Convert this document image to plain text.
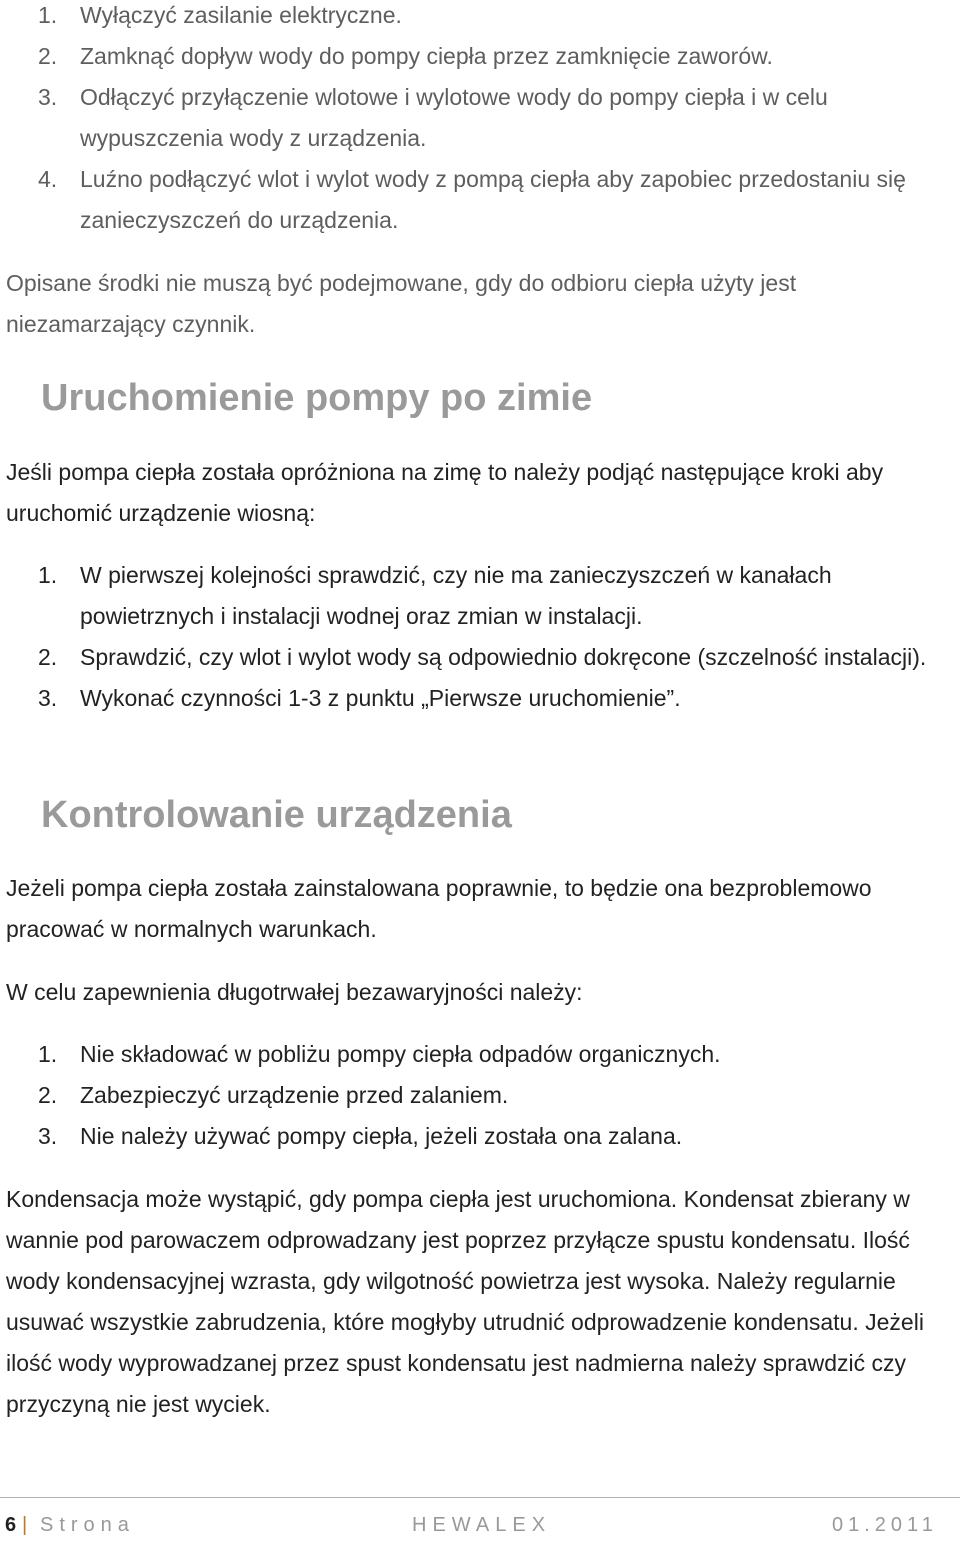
1. Wyłączyć zasilanie elektryczne.
2. Zamknąć dopływ wody do pompy ciepła przez zamknięcie zaworów.
3. Odłączyć przyłączenie wlotowe i wylotowe wody do pompy ciepła i w celu wypuszczenia wody z urządzenia.
4. Luźno podłączyć wlot i wylot wody z pompą ciepła aby zapobiec przedostaniu się zanieczyszczeń do urządzenia.

Opisane środki nie muszą być podejmowane, gdy do odbioru ciepła użyty jest niezamarzający czynnik.

Uruchomienie pompy po zimie

Jeśli pompa ciepła została opróżniona na zimę to należy podjąć następujące kroki aby uruchomić urządzenie wiosną:

1. W pierwszej kolejności sprawdzić, czy nie ma zanieczyszczeń w kanałach powietrznych i instalacji wodnej oraz zmian w instalacji.
2. Sprawdzić, czy wlot i wylot wody są odpowiednio dokręcone (szczelność instalacji).
3. Wykonać czynności 1-3 z punktu „Pierwsze uruchomienie”.
Kontrolowanie urządzenia

Jeżeli pompa ciepła została zainstalowana poprawnie, to będzie ona bezproblemowo pracować w normalnych warunkach.

W celu zapewnienia długotrwałej bezawaryjności należy:

1. Nie składować w pobliżu pompy ciepła odpadów organicznych.
2. Zabezpieczyć urządzenie przed zalaniem.
3. Nie należy używać pompy ciepła, jeżeli została ona zalana.

Kondensacja może wystąpić, gdy pompa ciepła jest uruchomiona. Kondensat zbierany w wannie pod parowaczem odprowadzany jest poprzez przyłącze spustu kondensatu. Ilość wody kondensacyjnej wzrasta, gdy wilgotność powietrza jest wysoka. Należy regularnie usuwać wszystkie zabrudzenia, które mogłyby utrudnić odprowadzenie kondensatu. Jeżeli ilość wody wyprowadzanej przez spust kondensatu jest nadmierna należy sprawdzić czy przyczyną nie jest wyciek.

6 | Strona	HEWALEX	01.2011
